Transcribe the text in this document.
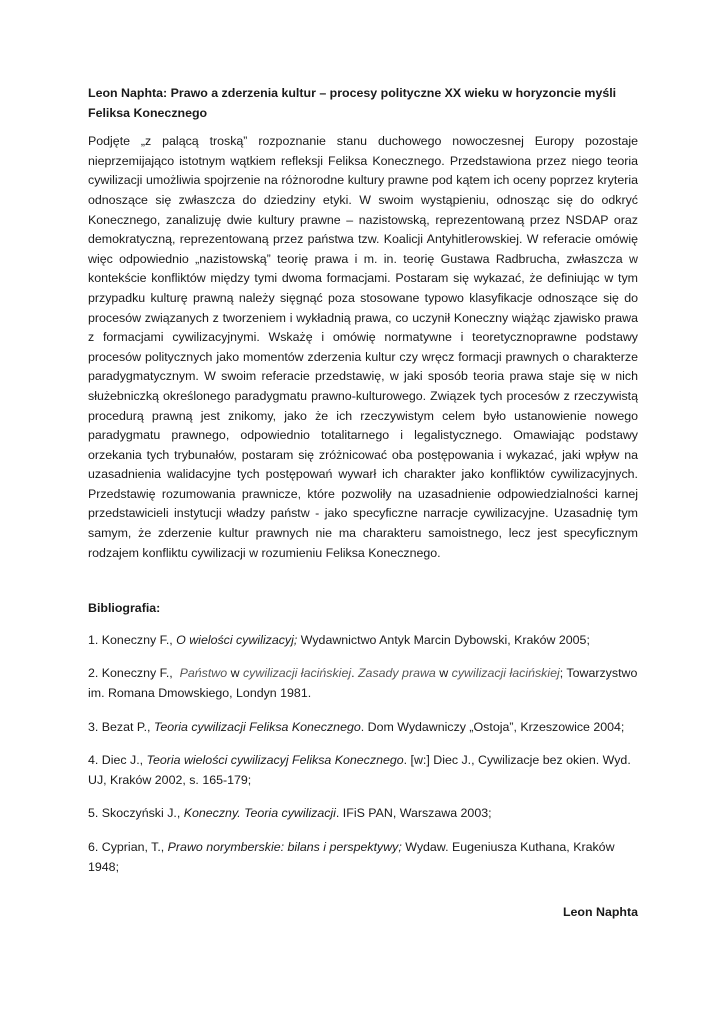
Leon Naphta: Prawo a zderzenia kultur – procesy polityczne XX wieku w horyzoncie myśli Feliksa Konecznego

Podjęte „z palącą troską” rozpoznanie stanu duchowego nowoczesnej Europy pozostaje nieprzemijająco istotnym wątkiem refleksji Feliksa Konecznego. Przedstawiona przez niego teoria cywilizacji umożliwia spojrzenie na różnorodne kultury prawne pod kątem ich oceny poprzez kryteria odnoszące się zwłaszcza do dziedziny etyki. W swoim wystąpieniu, odnosząc się do odkryć Konecznego, zanalizuję dwie kultury prawne – nazistowską, reprezentowaną przez NSDAP oraz demokratyczną, reprezentowaną przez państwa tzw. Koalicji Antyhitlerowskiej. W referacie omówię więc odpowiednio „nazistowską” teorię prawa i m. in. teorię Gustawa Radbrucha, zwłaszcza w kontekście konfliktów między tymi dwoma formacjami. Postaram się wykazać, że definiując w tym przypadku kulturę prawną należy sięgnąć poza stosowane typowo klasyfikacje odnoszące się do procesów związanych z tworzeniem i wykładnią prawa, co uczynił Koneczny wiążąc zjawisko prawa z formacjami cywilizacyjnymi. Wskażę i omówię normatywne i teoretycznoprawne podstawy procesów politycznych jako momentów zderzenia kultur czy wręcz formacji prawnych o charakterze paradygmatycznym. W swoim referacie przedstawię, w jaki sposób teoria prawa staje się w nich służebniczką określonego paradygmatu prawno-kulturowego. Związek tych procesów z rzeczywistą procedurą prawną jest znikomy, jako że ich rzeczywistym celem było ustanowienie nowego paradygmatu prawnego, odpowiednio totalitarnego i legalistycznego. Omawiając podstawy orzekania tych trybunałów, postaram się zróżnicować oba postępowania i wykazać, jaki wpływ na uzasadnienia walidacyjne tych postępowań wywarł ich charakter jako konfliktów cywilizacyjnych. Przedstawię rozumowania prawnicze, które pozwoliły na uzasadnienie odpowiedzialności karnej przedstawicieli instytucji władzy państw - jako specyficzne narracje cywilizacyjne. Uzasadnię tym samym, że zderzenie kultur prawnych nie ma charakteru samoistnego, lecz jest specyficznym rodzajem konfliktu cywilizacji w rozumieniu Feliksa Konecznego.

Bibliografia:

1. Koneczny F., O wielości cywilizacyj; Wydawnictwo Antyk Marcin Dybowski, Kraków 2005;
2. Koneczny F.,  Państwo w cywilizacji łacińskiej. Zasady prawa w cywilizacji łacińskiej; Towarzystwo im. Romana Dmowskiego, Londyn 1981.
3. Bezat P., Teoria cywilizacji Feliksa Konecznego. Dom Wydawniczy „Ostoja”, Krzeszowice 2004;
4. Diec J., Teoria wielości cywilizacyj Feliksa Konecznego. [w:] Diec J., Cywilizacje bez okien. Wyd. UJ, Kraków 2002, s. 165-179;
5. Skoczyński J., Koneczny. Teoria cywilizacji. IFiS PAN, Warszawa 2003;
6. Cyprian, T., Prawo norymberskie: bilans i perspektywy; Wydaw. Eugeniusza Kuthana, Kraków 1948;
Leon Naphta
